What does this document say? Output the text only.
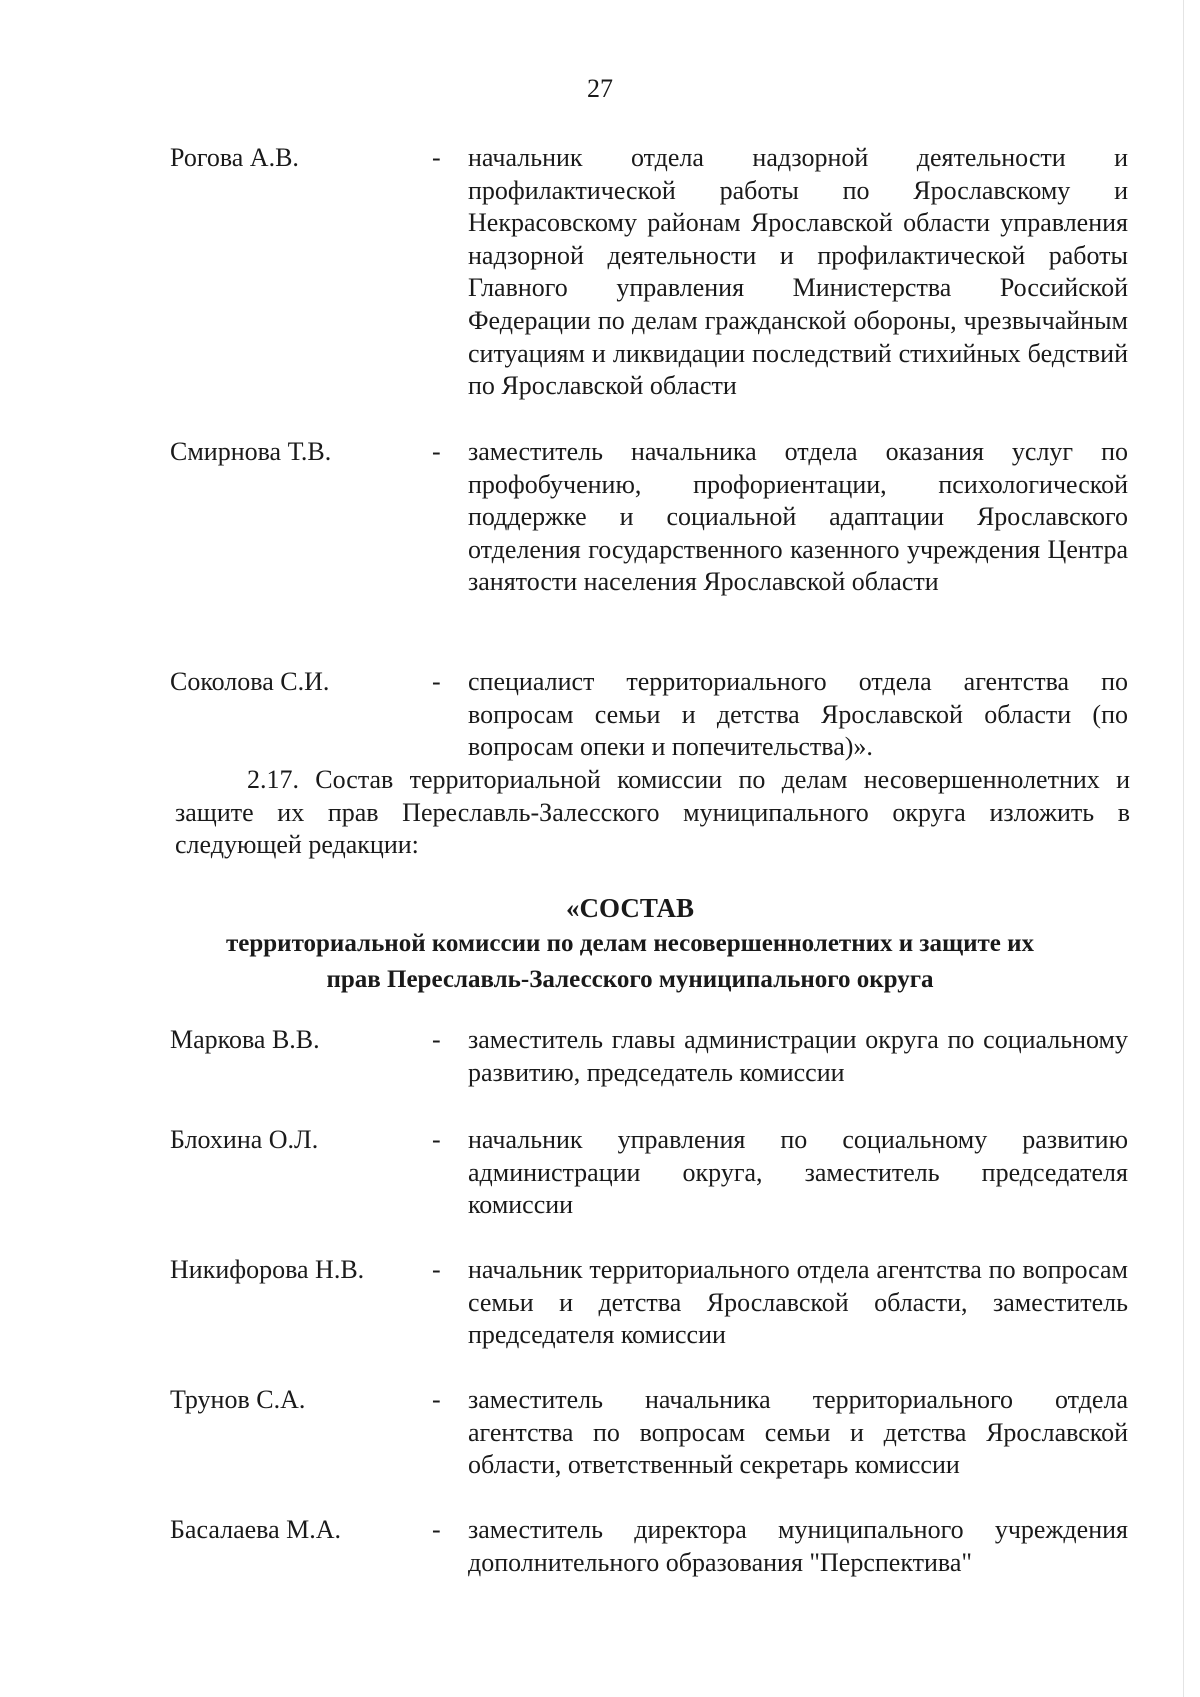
27
Рогова А.В.	- начальник отдела надзорной деятельности и профилактической работы по Ярославскому и Некрасовскому районам Ярославской области управления надзорной деятельности и профилактической работы Главного управления Министерства Российской Федерации по делам гражданской обороны, чрезвычайным ситуациям и ликвидации последствий стихийных бедствий по Ярославской области
Смирнова Т.В.	- заместитель начальника отдела оказания услуг по профобучению, профориентации, психологической поддержке и социальной адаптации Ярославского отделения государственного казенного учреждения Центра занятости населения Ярославской области
Соколова С.И.	- специалист территориального отдела агентства по вопросам семьи и детства Ярославской области (по вопросам опеки и попечительства)».
2.17. Состав территориальной комиссии по делам несовершеннолетних и защите их прав Переславль-Залесского муниципального округа изложить в следующей редакции:
«СОСТАВ
территориальной комиссии по делам несовершеннолетних и защите их
прав Переславль-Залесского муниципального округа
Маркова В.В.	- заместитель главы администрации округа по социальному развитию, председатель комиссии
Блохина О.Л.	- начальник управления по социальному развитию администрации округа, заместитель председателя комиссии
Никифорова Н.В.	- начальник территориального отдела агентства по вопросам семьи и детства Ярославской области, заместитель председателя комиссии
Трунов С.А.	- заместитель начальника территориального отдела агентства по вопросам семьи и детства Ярославской области, ответственный секретарь комиссии
Басалаева М.А.	- заместитель директора муниципального учреждения дополнительного образования "Перспектива"
